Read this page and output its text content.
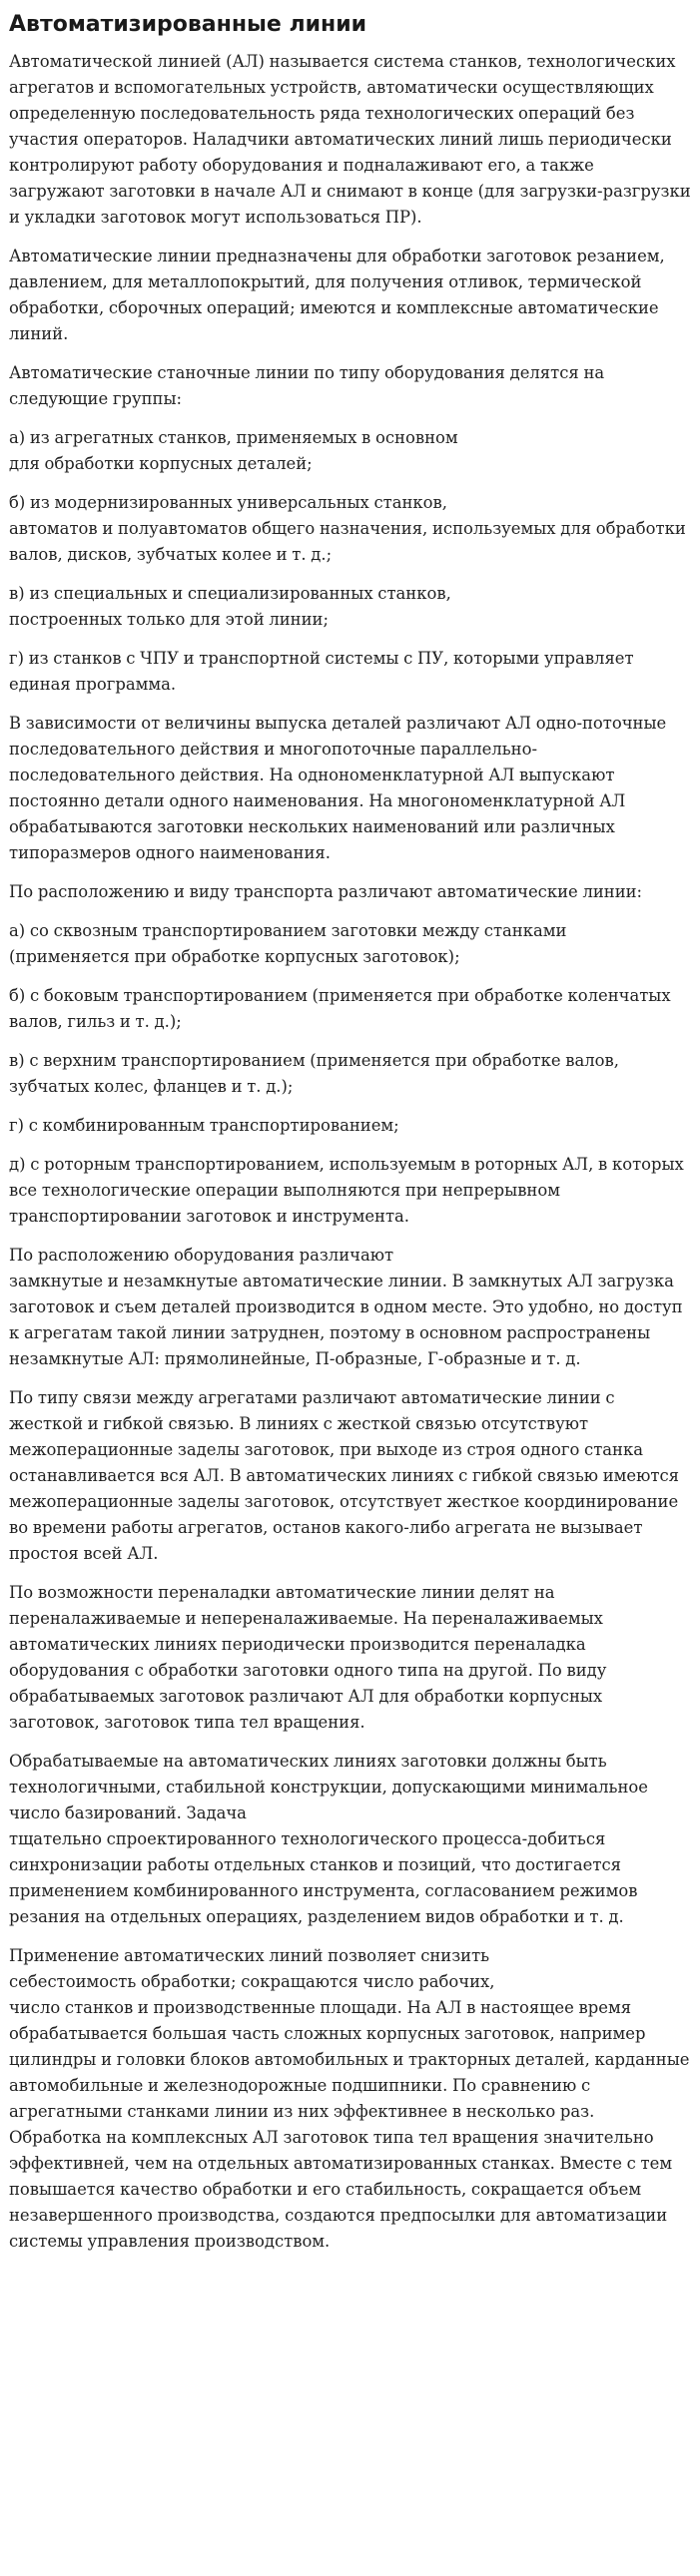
Автоматизированные линии

Автоматической линией (АЛ) называется система станков, технологических агрегатов и вспомогательных устройств, автоматически осуществляющих определенную последовательность ряда технологических операций без участия операторов. Наладчики автоматических линий лишь периодически контролируют работу оборудования и подналаживают его, а также загружают заготовки в начале АЛ и снимают в конце (для загрузки-разгрузки и укладки заготовок могут использоваться ПР).

Автоматические линии предназначены для обработки заготовок резанием, давлением, для металлопокрытий, для получения отливок, термической обработки, сборочных операций; имеются и комплексные автоматические линий.

Автоматические станочные линии по типу оборудования делятся на следующие группы:

а) из агрегатных станков, применяемых в основном
для обработки корпусных деталей;

б) из модернизированных универсальных станков,
автоматов и полуавтоматов общего назначения, используемых для обработки валов, дисков, зубчатых колее и т. д.;

в) из специальных и специализированных станков,
построенных только для этой линии;

г) из станков с ЧПУ и транспортной системы с ПУ, которыми управляет единая программа.

В зависимости от величины выпуска деталей различают АЛ одно-поточные последовательного действия и многопоточные параллельно-последовательного действия. На однономенклатурной АЛ выпускают постоянно детали одного наименования. На многономенклатурной АЛ обрабатываются заготовки нескольких наименований или различных типоразмеров одного наименования.

По расположению и виду транспорта различают автоматические линии:

а) со сквозным транспортированием заготовки между станками (применяется при обработке корпусных заготовок);

б) с боковым транспортированием (применяется при обработке коленчатых валов, гильз и т. д.);

в) с верхним транспортированием (применяется при обработке валов, зубчатых колес, фланцев и т. д.);

г) с комбинированным транспортированием;

д) с роторным транспортированием, используемым в роторных АЛ, в которых все технологические операции выполняются при непрерывном транспортировании заготовок и инструмента.

По расположению оборудования различают
замкнутые и незамкнутые автоматические линии. В замкнутых АЛ загрузка заготовок и съем деталей производится в одном месте. Это удобно, но доступ к агрегатам такой линии затруднен, поэтому в основном распространены незамкнутые АЛ: прямолинейные, П-образные, Г-образные и т. д.

По типу связи между агрегатами различают автоматические линии с жесткой и гибкой связью. В линиях с жесткой связью отсутствуют межоперационные заделы заготовок, при выходе из строя одного станка останавливается вся АЛ. В автоматических линиях с гибкой связью имеются межоперационные заделы заготовок, отсутствует жесткое координирование во времени работы агрегатов, останов какого-либо агрегата не вызывает простоя всей АЛ.

По возможности переналадки автоматические линии делят на переналаживаемые и непереналаживаемые. На переналаживаемых автоматических линиях периодически производится переналадка оборудования с обработки заготовки одного типа на другой. По виду обрабатываемых заготовок различают АЛ для обработки корпусных заготовок, заготовок типа тел вращения.

Обрабатываемые на автоматических линиях заготовки должны быть технологичными, стабильной конструкции, допускающими минимальное число базирований. Задача
тщательно спроектированного технологического процесса-добиться синхронизации работы отдельных станков и позиций, что достигается применением комбинированного инструмента, согласованием режимов резания на отдельных операциях, разделением видов обработки и т. д.

Применение автоматических линий позволяет снизить
себестоимость обработки; сокращаются число рабочих,
число станков и производственные площади. На АЛ в настоящее время обрабатывается большая часть сложных корпусных заготовок, например цилиндры и головки блоков автомобильных и тракторных деталей, карданные автомобильные и железнодорожные подшипники. По сравнению с агрегатными станками линии из них эффективнее в несколько раз. Обработка на комплексных АЛ заготовок типа тел вращения значительно эффективней, чем на отдельных автоматизированных станках. Вместе с тем повышается качество обработки и его стабильность, сокращается объем незавершенного производства, создаются предпосылки для автоматизации системы управления производством.
